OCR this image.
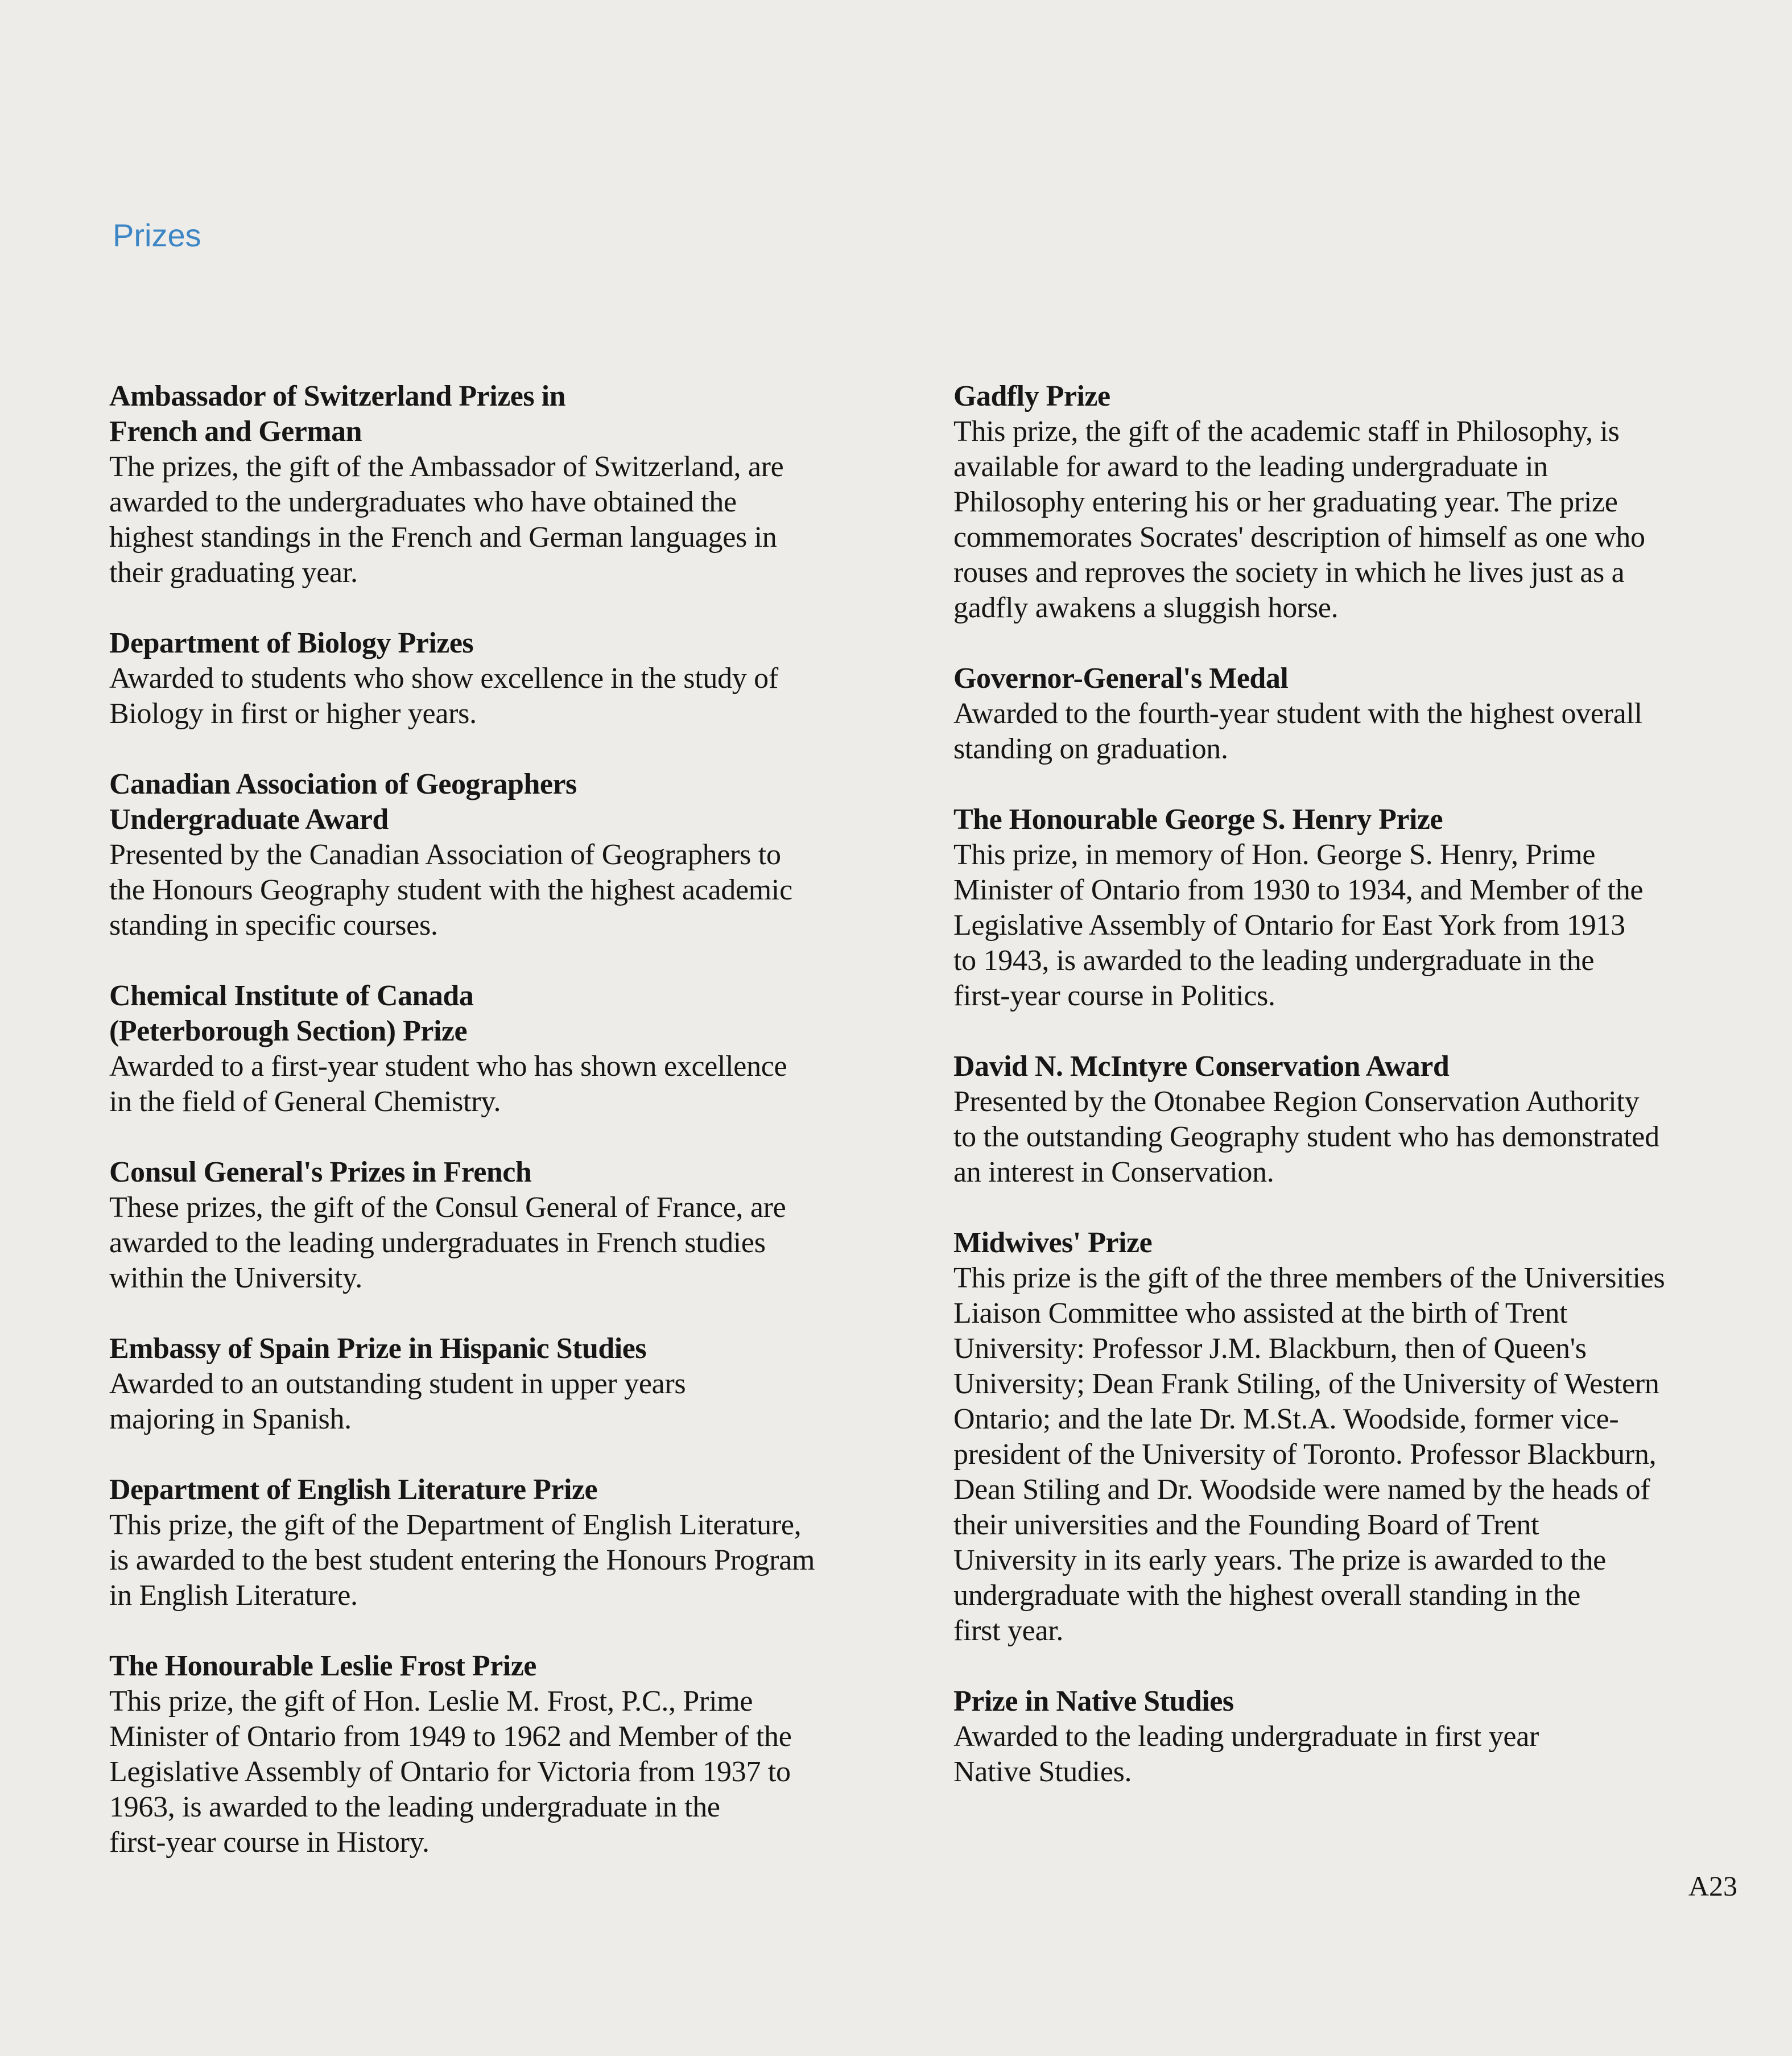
Prizes
Ambassador of Switzerland Prizes in
French and German
The prizes, the gift of the Ambassador of Switzerland, are
awarded to the undergraduates who have obtained the
highest standings in the French and German languages in
their graduating year.
Department of Biology Prizes
Awarded to students who show excellence in the study of
Biology in first or higher years.
Canadian Association of Geographers
Undergraduate Award
Presented by the Canadian Association of Geographers to
the Honours Geography student with the highest academic
standing in specific courses.
Chemical Institute of Canada
(Peterborough Section) Prize
Awarded to a first-year student who has shown excellence
in the field of General Chemistry.
Consul General's Prizes in French
These prizes, the gift of the Consul General of France, are
awarded to the leading undergraduates in French studies
within the University.
Embassy of Spain Prize in Hispanic Studies
Awarded to an outstanding student in upper years
majoring in Spanish.
Department of English Literature Prize
This prize, the gift of the Department of English Literature,
is awarded to the best student entering the Honours Program
in English Literature.
The Honourable Leslie Frost Prize
This prize, the gift of Hon. Leslie M. Frost, P.C., Prime
Minister of Ontario from 1949 to 1962 and Member of the
Legislative Assembly of Ontario for Victoria from 1937 to
1963, is awarded to the leading undergraduate in the
first-year course in History.
Gadfly Prize
This prize, the gift of the academic staff in Philosophy, is
available for award to the leading undergraduate in
Philosophy entering his or her graduating year. The prize
commemorates Socrates' description of himself as one who
rouses and reproves the society in which he lives just as a
gadfly awakens a sluggish horse.
Governor-General's Medal
Awarded to the fourth-year student with the highest overall
standing on graduation.
The Honourable George S. Henry Prize
This prize, in memory of Hon. George S. Henry, Prime
Minister of Ontario from 1930 to 1934, and Member of the
Legislative Assembly of Ontario for East York from 1913
to 1943, is awarded to the leading undergraduate in the
first-year course in Politics.
David N. McIntyre Conservation Award
Presented by the Otonabee Region Conservation Authority
to the outstanding Geography student who has demonstrated
an interest in Conservation.
Midwives' Prize
This prize is the gift of the three members of the Universities
Liaison Committee who assisted at the birth of Trent
University: Professor J.M. Blackburn, then of Queen's
University; Dean Frank Stiling, of the University of Western
Ontario; and the late Dr. M.St.A. Woodside, former vice-
president of the University of Toronto. Professor Blackburn,
Dean Stiling and Dr. Woodside were named by the heads of
their universities and the Founding Board of Trent
University in its early years. The prize is awarded to the
undergraduate with the highest overall standing in the
first year.
Prize in Native Studies
Awarded to the leading undergraduate in first year
Native Studies.
A23
